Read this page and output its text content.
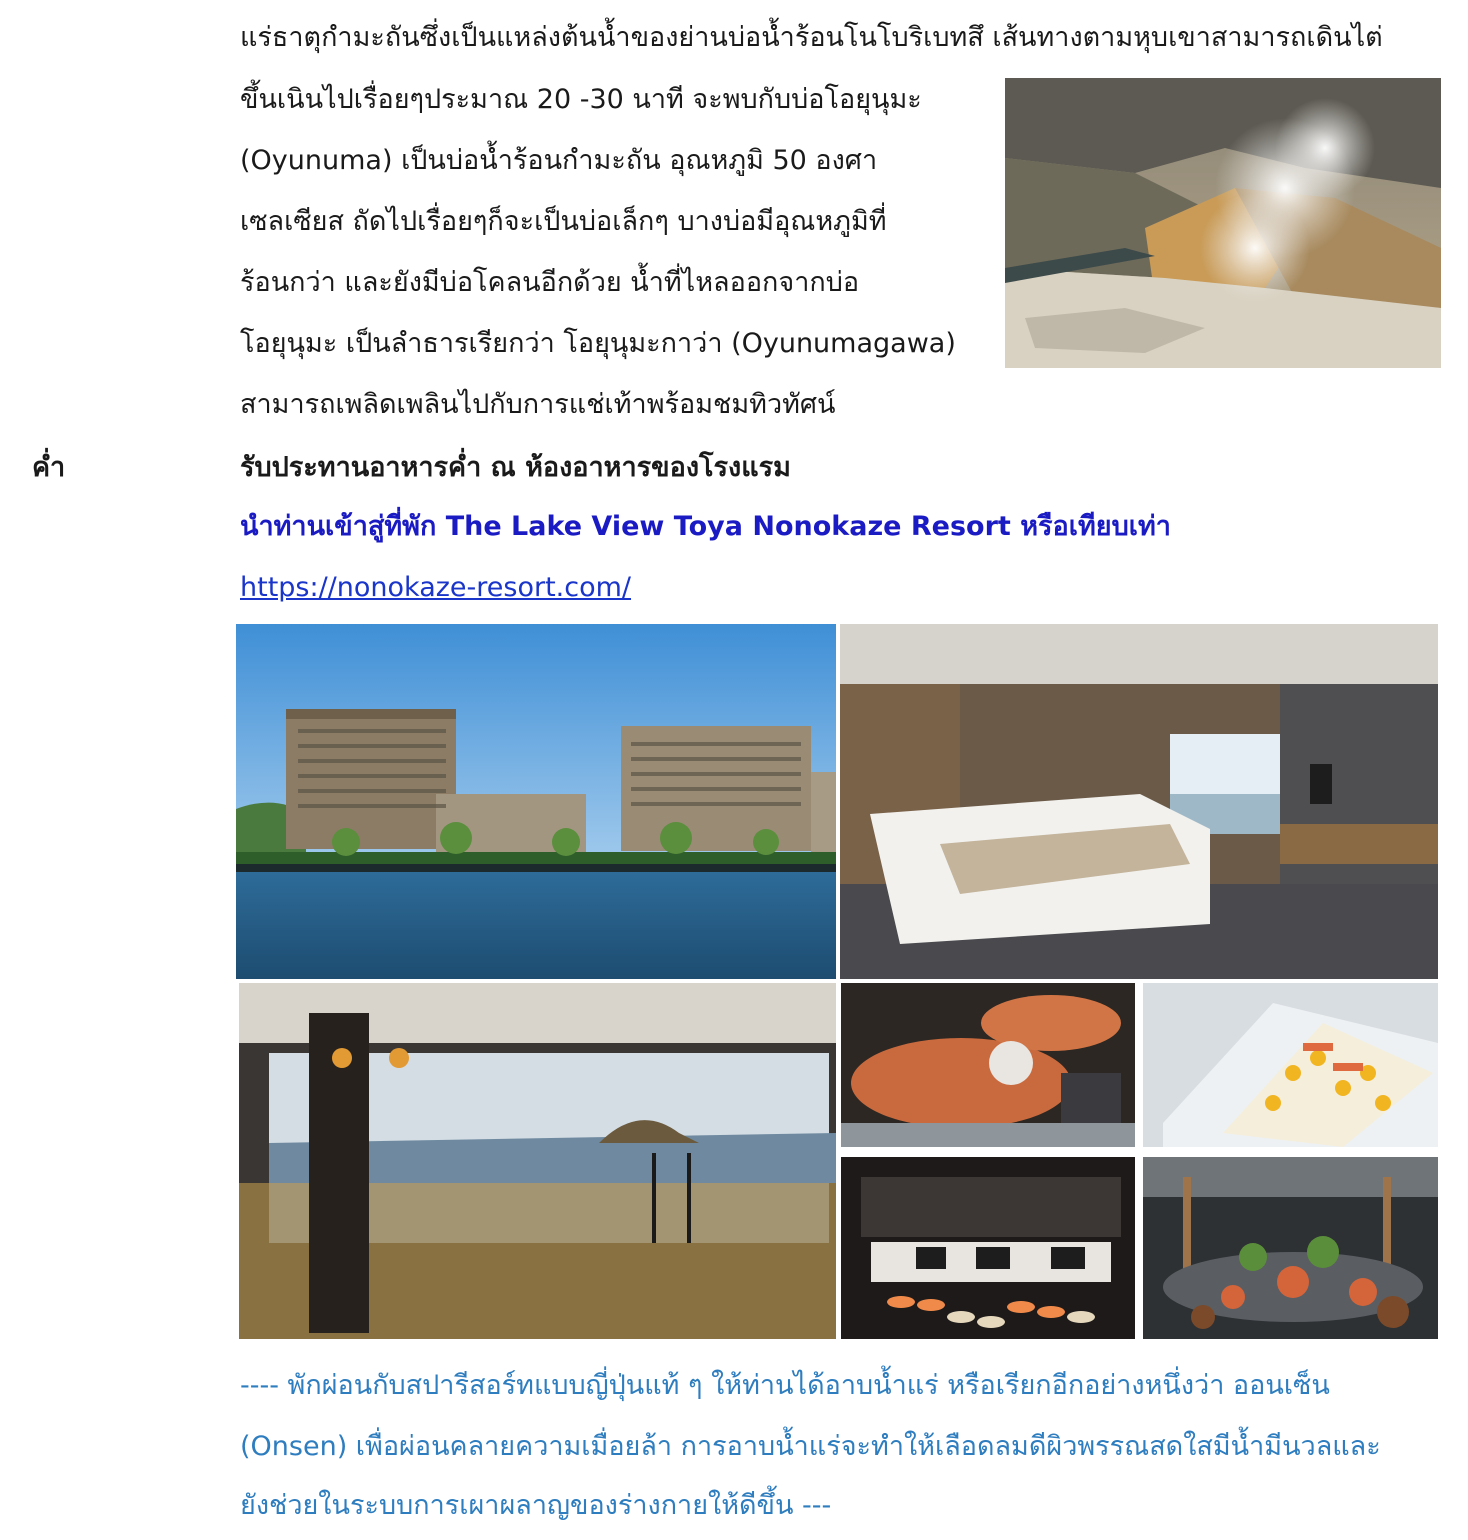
แร่ธาตุกำมะถันซึ่งเป็นแหล่งต้นน้ำของย่านบ่อน้ำร้อนโนโบริเบทสึ เส้นทางตามหุบเขาสามารถเดินไต่
ขึ้นเนินไปเรื่อยๆประมาณ 20 -30 นาที จะพบกับบ่อโอยุนุมะ
(Oyunuma) เป็นบ่อน้ำร้อนกำมะถัน อุณหภูมิ 50 องศา
เซลเซียส ถัดไปเรื่อยๆก็จะเป็นบ่อเล็กๆ บางบ่อมีอุณหภูมิที่
ร้อนกว่า และยังมีบ่อโคลนอีกด้วย น้ำที่ไหลออกจากบ่อ
โอยุนุมะ เป็นลำธารเรียกว่า โอยุนุมะกาว่า (Oyunumagawa)
สามารถเพลิดเพลินไปกับการแช่เท้าพร้อมชมทิวทัศน์
ค่ำ	รับประทานอาหารค่ำ ณ ห้องอาหารของโรงแรม
นำท่านเข้าสู่ที่พัก The Lake View Toya Nonokaze Resort หรือเทียบเท่า
https://nonokaze-resort.com/
---- พักผ่อนกับสปารีสอร์ทแบบญี่ปุ่นแท้ ๆ ให้ท่านได้อาบน้ำแร่ หรือเรียกอีกอย่างหนึ่งว่า ออนเซ็น
(Onsen) เพื่อผ่อนคลายความเมื่อยล้า การอาบน้ำแร่จะทำให้เลือดลมดีผิวพรรณสดใสมีน้ำมีนวลและ
ยังช่วยในระบบการเผาผลาญของร่างกายให้ดีขึ้น ---
